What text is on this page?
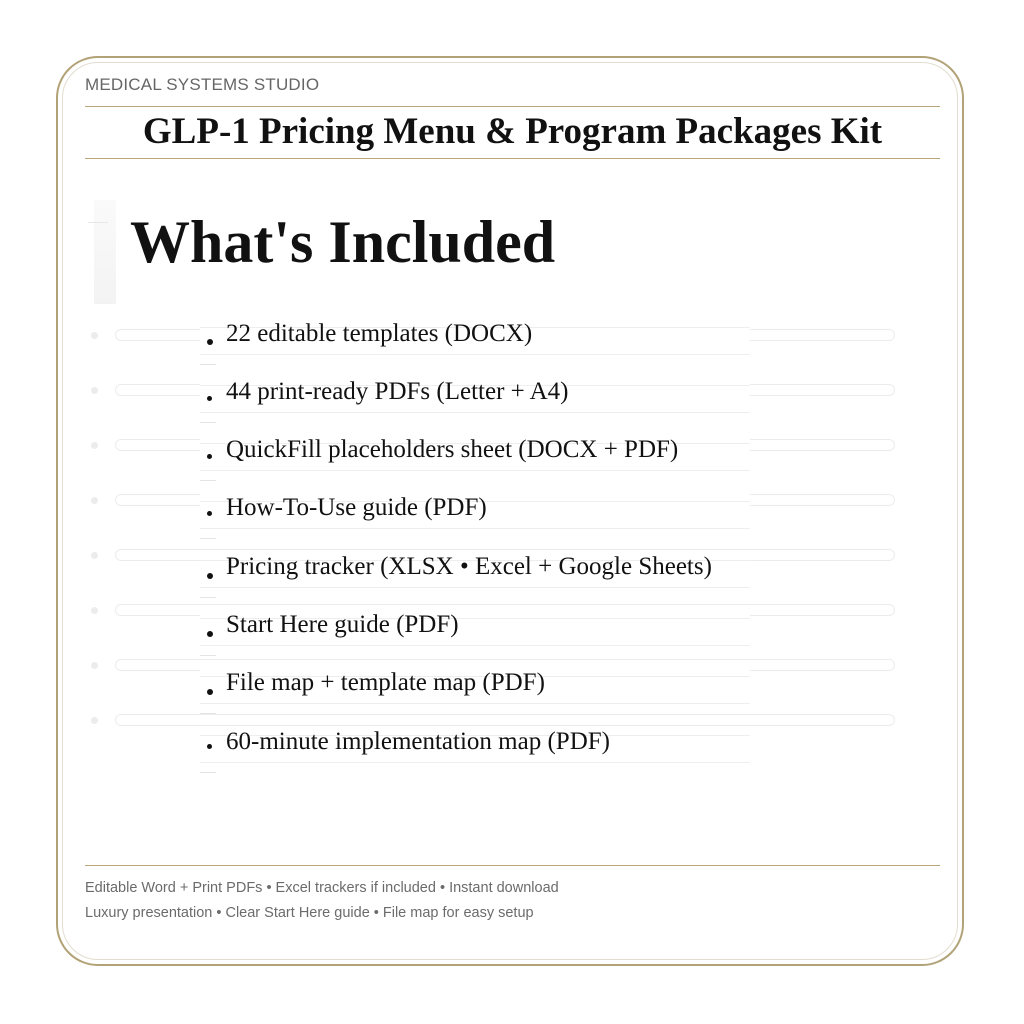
MEDICAL SYSTEMS STUDIO
GLP-1 Pricing Menu & Program Packages Kit
What's Included
22 editable templates (DOCX)
44 print-ready PDFs (Letter + A4)
QuickFill placeholders sheet (DOCX + PDF)
How-To-Use guide (PDF)
Pricing tracker (XLSX • Excel + Google Sheets)
Start Here guide (PDF)
File map + template map (PDF)
60-minute implementation map (PDF)
Editable Word + Print PDFs • Excel trackers if included • Instant download
Luxury presentation • Clear Start Here guide • File map for easy setup
